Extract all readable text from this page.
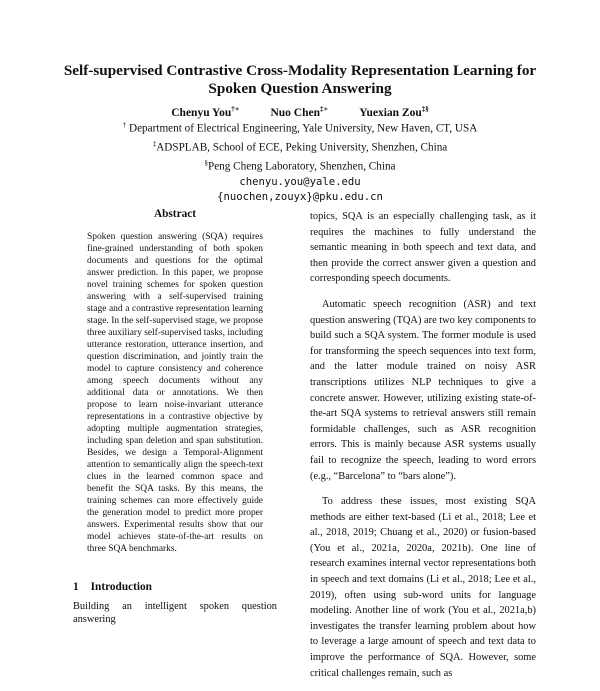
Self-supervised Contrastive Cross-Modality Representation Learning for Spoken Question Answering
Chenyu You†∗	Nuo Chen‡∗	Yuexian Zou‡§
† Department of Electrical Engineering, Yale University, New Haven, CT, USA
‡ADSPLAB, School of ECE, Peking University, Shenzhen, China
§Peng Cheng Laboratory, Shenzhen, China
chenyu.you@yale.edu
{nuochen,zouyx}@pku.edu.cn
Abstract

Spoken question answering (SQA) requires fine-grained understanding of both spoken documents and questions for the optimal answer prediction. In this paper, we propose novel training schemes for spoken question answering with a self-supervised training stage and a contrastive representation learning stage. In the self-supervised stage, we propose three auxiliary self-supervised tasks, including utterance restoration, utterance insertion, and question discrimination, and jointly train the model to capture consistency and coherence among speech documents without any additional data or annotations. We then propose to learn noise-invariant utterance representations in a contrastive objective by adopting multiple augmentation strategies, including span deletion and span substitution. Besides, we design a Temporal-Alignment attention to semantically align the speech-text clues in the learned common space and benefit the SQA tasks. By this means, the training schemes can more effectively guide the generation model to predict more proper answers. Experimental results show that our model achieves state-of-the-art results on three SQA benchmarks.

1 Introduction

Building an intelligent spoken question answering

topics, SQA is an especially challenging task, as it requires the machines to fully understand the semantic meaning in both speech and text data, and then provide the correct answer given a question and corresponding speech documents.

Automatic speech recognition (ASR) and text question answering (TQA) are two key components to build such a SQA system. The former module is used for transforming the speech sequences into text form, and the latter module trained on noisy ASR transcriptions utilizes NLP techniques to give a concrete answer. However, utilizing existing state-of-the-art SQA systems to retrieval answers still remain formidable challenges, such as ASR recognition errors. This is mainly because ASR systems usually fail to recognize the speech, leading to word errors (e.g., “Barcelona” to “bars alone”).

To address these issues, most existing SQA methods are either text-based (Li et al., 2018; Lee et al., 2018, 2019; Chuang et al., 2020) or fusion-based (You et al., 2021a, 2020a, 2021b). One line of research examines internal vector representations both in speech and text domains (Li et al., 2018; Lee et al., 2019), often using sub-word units for language modeling. Another line of work (You et al., 2021a,b) investigates the transfer learning problem about how to leverage a large amount of speech and text data to improve the performance of SQA. However, some critical challenges remain, such as
